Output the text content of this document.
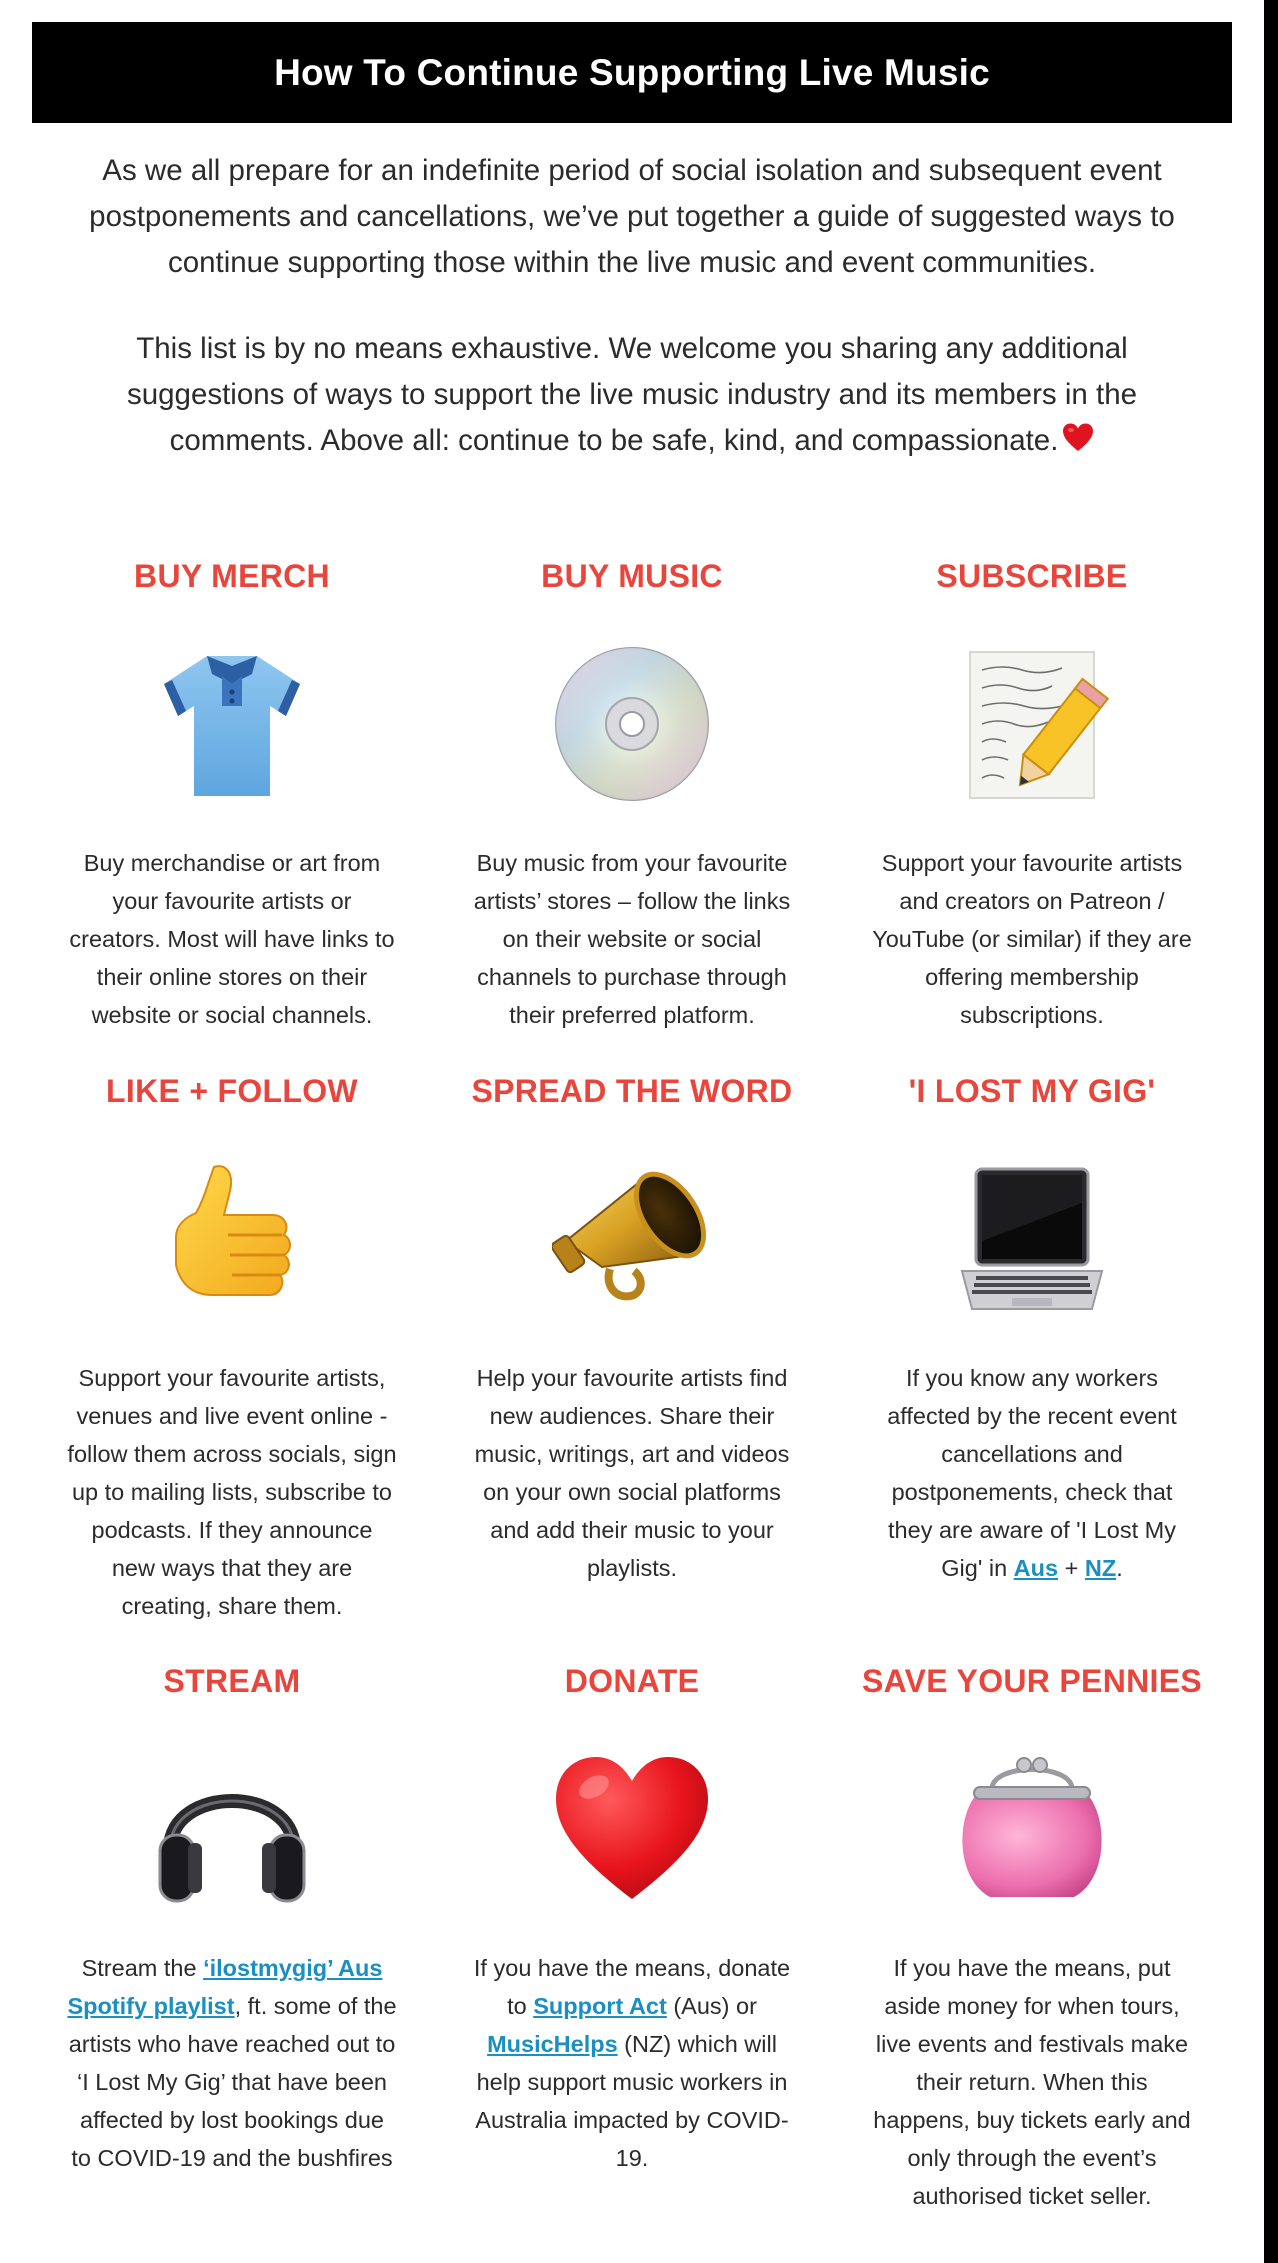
How To Continue Supporting Live Music

As we all prepare for an indefinite period of social isolation and subsequent event postponements and cancellations, we’ve put together a guide of suggested ways to continue supporting those within the live music and event communities.

This list is by no means exhaustive. We welcome you sharing any additional suggestions of ways to support the live music industry and its members in the comments. Above all: continue to be safe, kind, and compassionate.

BUY MERCH

Buy merchandise or art from your favourite artists or creators. Most will have links to their online stores on their website or social channels.

BUY MUSIC

Buy music from your favourite artists’ stores – follow the links on their website or social channels to purchase through their preferred platform.

SUBSCRIBE

Support your favourite artists and creators on Patreon / YouTube (or similar) if they are offering membership subscriptions.

LIKE + FOLLOW

Support your favourite artists, venues and live event online - follow them across socials, sign up to mailing lists, subscribe to podcasts. If they announce new ways that they are creating, share them.

SPREAD THE WORD

Help your favourite artists find new audiences. Share their music, writings, art and videos on your own social platforms and add their music to your playlists.

'I LOST MY GIG'

If you know any workers affected by the recent event cancellations and postponements, check that they are aware of 'I Lost My Gig' in Aus + NZ.

STREAM

Stream the ‘ilostmygig’ Aus Spotify playlist, ft. some of the artists who have reached out to ‘I Lost My Gig’ that have been affected by lost bookings due to COVID-19 and the bushfires

DONATE

If you have the means, donate to Support Act (Aus) or MusicHelps (NZ) which will help support music workers in Australia impacted by COVID-19.

SAVE YOUR PENNIES

If you have the means, put aside money for when tours, live events and festivals make their return. When this happens, buy tickets early and only through the event’s authorised ticket seller.
